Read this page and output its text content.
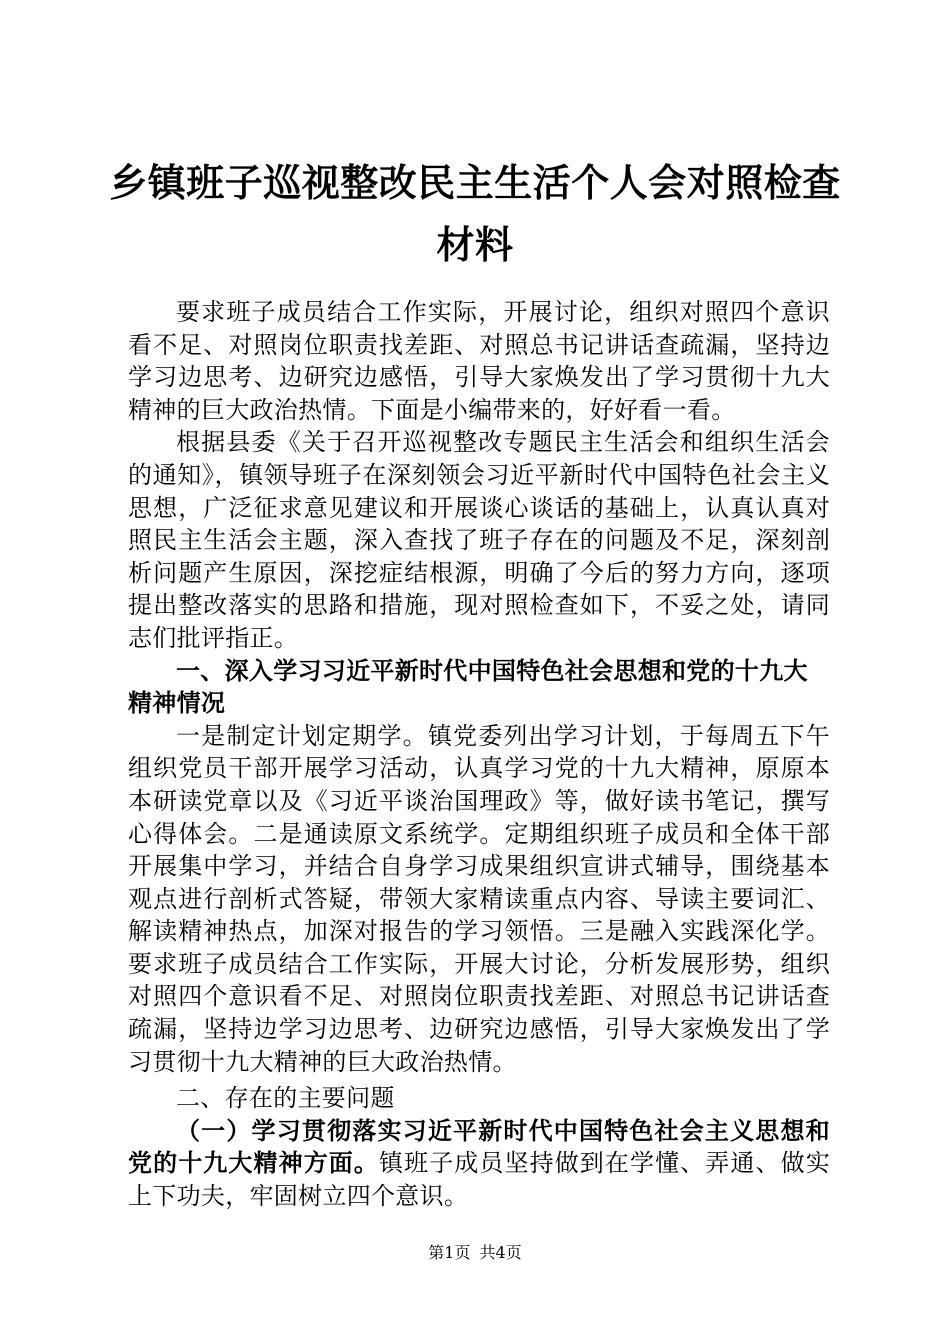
乡镇班子巡视整改民主生活个人会对照检查材料

要求班子成员结合工作实际，开展讨论，组织对照四个意识看不足、对照岗位职责找差距、对照总书记讲话查疏漏，坚持边学习边思考、边研究边感悟，引导大家焕发出了学习贯彻十九大精神的巨大政治热情。下面是小编带来的，好好看一看。

根据县委《关于召开巡视整改专题民主生活会和组织生活会的通知》，镇领导班子在深刻领会习近平新时代中国特色社会主义思想，广泛征求意见建议和开展谈心谈话的基础上，认真认真对照民主生活会主题，深入查找了班子存在的问题及不足，深刻剖析问题产生原因，深挖症结根源，明确了今后的努力方向，逐项提出整改落实的思路和措施，现对照检查如下，不妥之处，请同志们批评指正。

一、深入学习习近平新时代中国特色社会思想和党的十九大精神情况

一是制定计划定期学。镇党委列出学习计划，于每周五下午组织党员干部开展学习活动，认真学习党的十九大精神，原原本本研读党章以及《习近平谈治国理政》等，做好读书笔记，撰写心得体会。二是通读原文系统学。定期组织班子成员和全体干部开展集中学习，并结合自身学习成果组织宣讲式辅导，围绕基本观点进行剖析式答疑，带领大家精读重点内容、导读主要词汇、解读精神热点，加深对报告的学习领悟。三是融入实践深化学。要求班子成员结合工作实际，开展大讨论，分析发展形势，组织对照四个意识看不足、对照岗位职责找差距、对照总书记讲话查疏漏，坚持边学习边思考、边研究边感悟，引导大家焕发出了学习贯彻十九大精神的巨大政治热情。

二、存在的主要问题

（一）学习贯彻落实习近平新时代中国特色社会主义思想和党的十九大精神方面。镇班子成员坚持做到在学懂、弄通、做实上下功夫，牢固树立四个意识。

第1页 共4页
